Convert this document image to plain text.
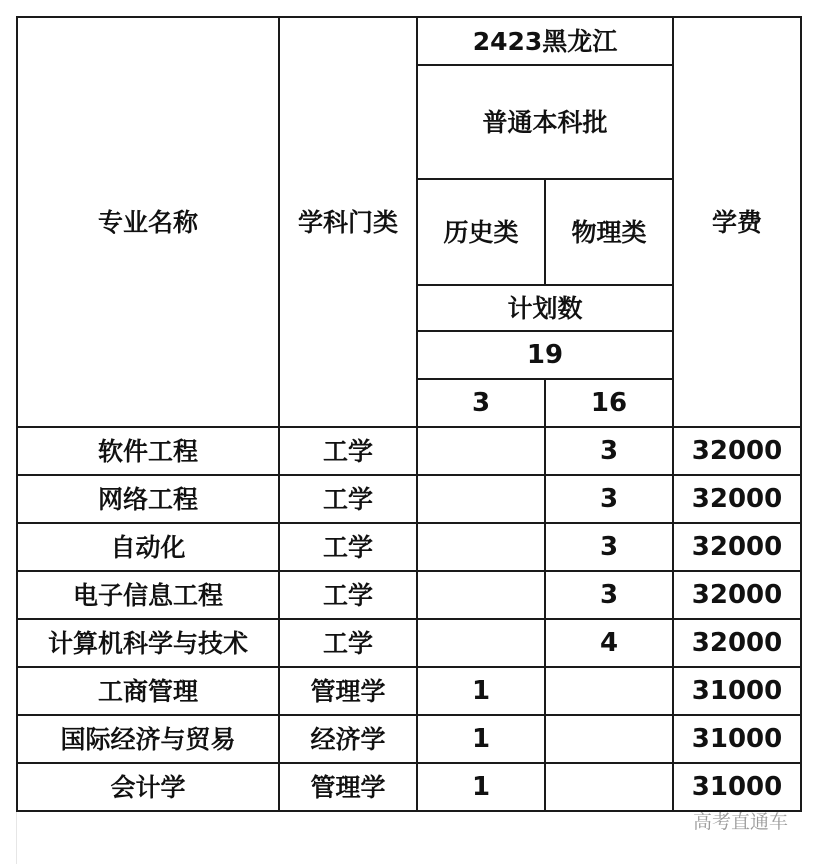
专业名称	学科门类	2423黑龙江		学费
		普通本科批		
		历史类	物理类	
		计划数		
		19		
		3	16	

软件工程	工学		3	32000
网络工程	工学		3	32000
自动化	工学		3	32000
电子信息工程	工学		3	32000
计算机科学与技术	工学		4	32000
工商管理	管理学	1		31000
国际经济与贸易	经济学	1		31000
会计学	管理学	1		31000
高考直通车
